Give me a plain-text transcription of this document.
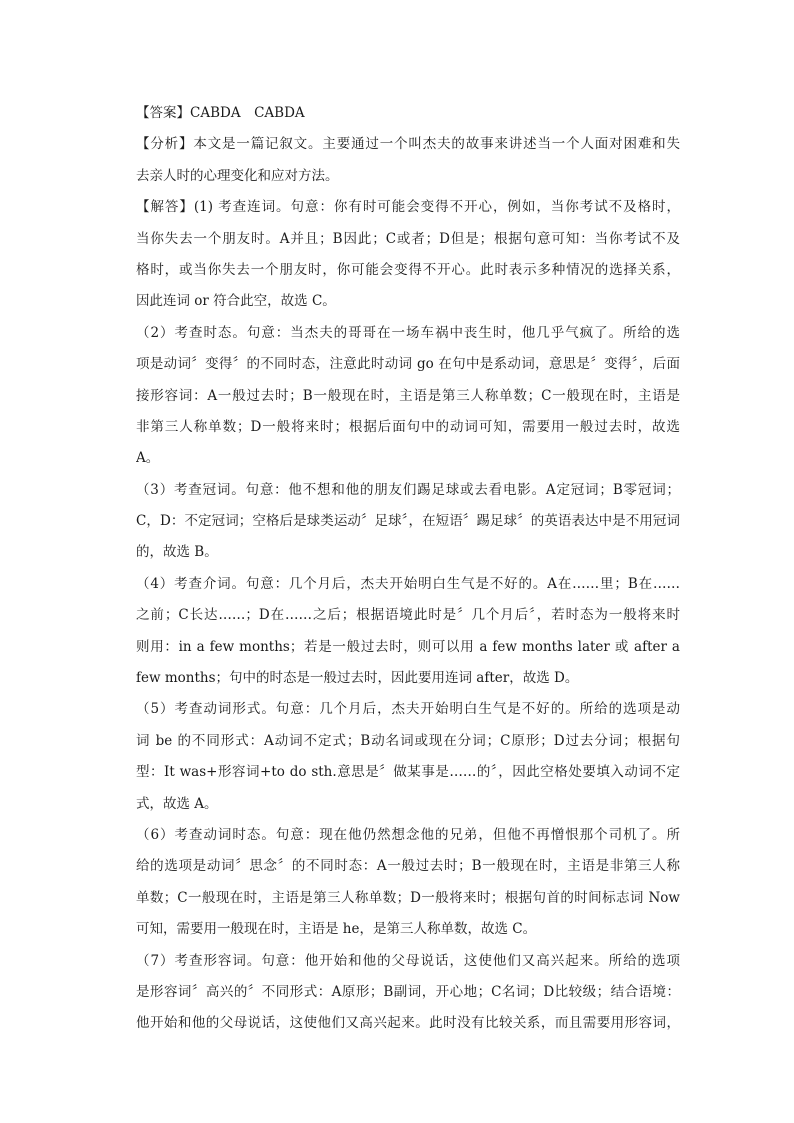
【答案】CABDA　CABDA
【分析】本文是一篇记叙文。主要通过一个叫杰夫的故事来讲述当一个人面对困难和失
去亲人时的心理变化和应对方法。
【解答】(1) 考查连词。句意：你有时可能会变得不开心，例如，当你考试不及格时，
当你失去一个朋友时。A并且；B因此；C或者；D但是；根据句意可知：当你考试不及
格时，或当你失去一个朋友时，你可能会变得不开心。此时表示多种情况的选择关系，
因此连词 or 符合此空，故选 C。
（2）考查时态。句意：当杰夫的哥哥在一场车祸中丧生时，他几乎气疯了。所给的选
项是动词〞变得〞的不同时态，注意此时动词 go 在句中是系动词，意思是〞变得〞，后面
接形容词：A一般过去时；B一般现在时，主语是第三人称单数；C一般现在时，主语是
非第三人称单数；D一般将来时；根据后面句中的动词可知，需要用一般过去时，故选
A。
（3）考查冠词。句意：他不想和他的朋友们踢足球或去看电影。A定冠词；B零冠词；
C，D：不定冠词；空格后是球类运动〞足球〞，在短语〞踢足球〞的英语表达中是不用冠词
的，故选 B。
（4）考查介词。句意：几个月后，杰夫开始明白生气是不好的。A在……里；B在……
之前；C长达……；D在……之后；根据语境此时是〞几个月后〞，若时态为一般将来时
则用：in a few months；若是一般过去时，则可以用 a few months later 或 after a
few months；句中的时态是一般过去时，因此要用连词 after，故选 D。
（5）考查动词形式。句意：几个月后，杰夫开始明白生气是不好的。所给的选项是动
词 be 的不同形式：A动词不定式；B动名词或现在分词；C原形；D过去分词；根据句
型：It was+形容词+to do sth.意思是〞做某事是……的〞，因此空格处要填入动词不定
式，故选 A。
（6）考查动词时态。句意：现在他仍然想念他的兄弟，但他不再憎恨那个司机了。所
给的选项是动词〞思念〞的不同时态：A一般过去时；B一般现在时，主语是非第三人称
单数；C一般现在时，主语是第三人称单数；D一般将来时；根据句首的时间标志词 Now
可知，需要用一般现在时，主语是 he，是第三人称单数，故选 C。
（7）考查形容词。句意：他开始和他的父母说话，这使他们又高兴起来。所给的选项
是形容词〞高兴的〞不同形式：A原形；B副词，开心地；C名词；D比较级；结合语境：
他开始和他的父母说话，这使他们又高兴起来。此时没有比较关系，而且需要用形容词，
